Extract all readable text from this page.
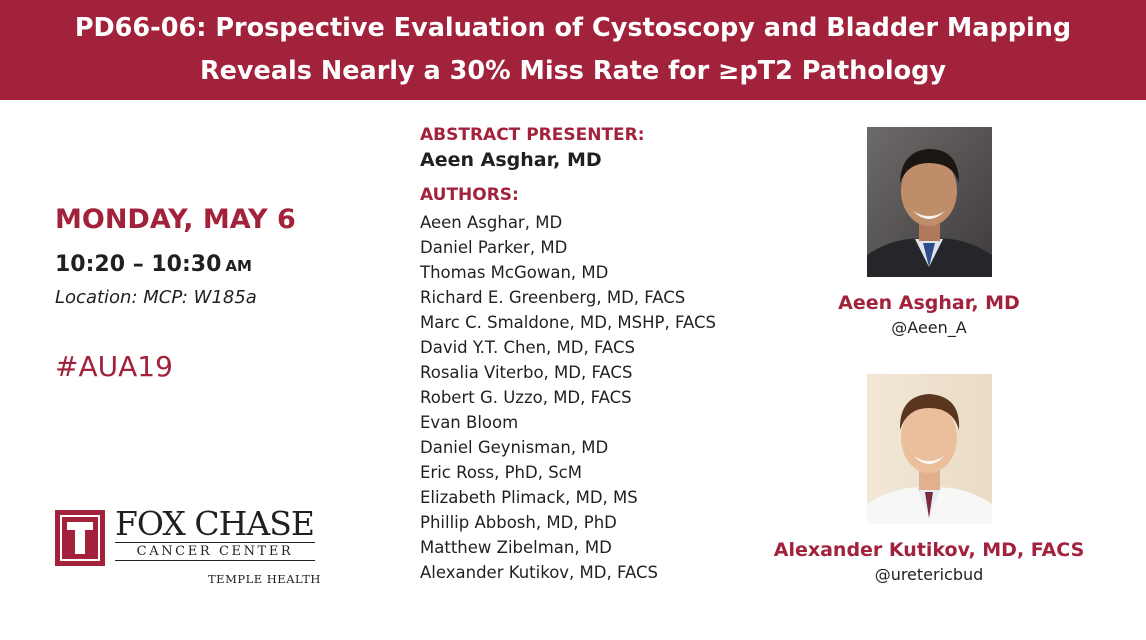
PD66-06: Prospective Evaluation of Cystoscopy and Bladder Mapping
Reveals Nearly a 30% Miss Rate for ≥pT2 Pathology
MONDAY, MAY 6
10:20 – 10:30 AM
Location: MCP: W185a
#AUA19
FOX CHASE
CANCER CENTER
TEMPLE HEALTH
ABSTRACT PRESENTER:
Aeen Asghar, MD
AUTHORS:
Aeen Asghar, MD
Daniel Parker, MD
Thomas McGowan, MD
Richard E. Greenberg, MD, FACS
Marc C. Smaldone, MD, MSHP, FACS
David Y.T. Chen, MD, FACS
Rosalia Viterbo, MD, FACS
Robert G. Uzzo, MD, FACS
Evan Bloom
Daniel Geynisman, MD
Eric Ross, PhD, ScM
Elizabeth Plimack, MD, MS
Phillip Abbosh, MD, PhD
Matthew Zibelman, MD
Alexander Kutikov, MD, FACS
Aeen Asghar, MD
@Aeen_A
Alexander Kutikov, MD, FACS
@uretericbud
